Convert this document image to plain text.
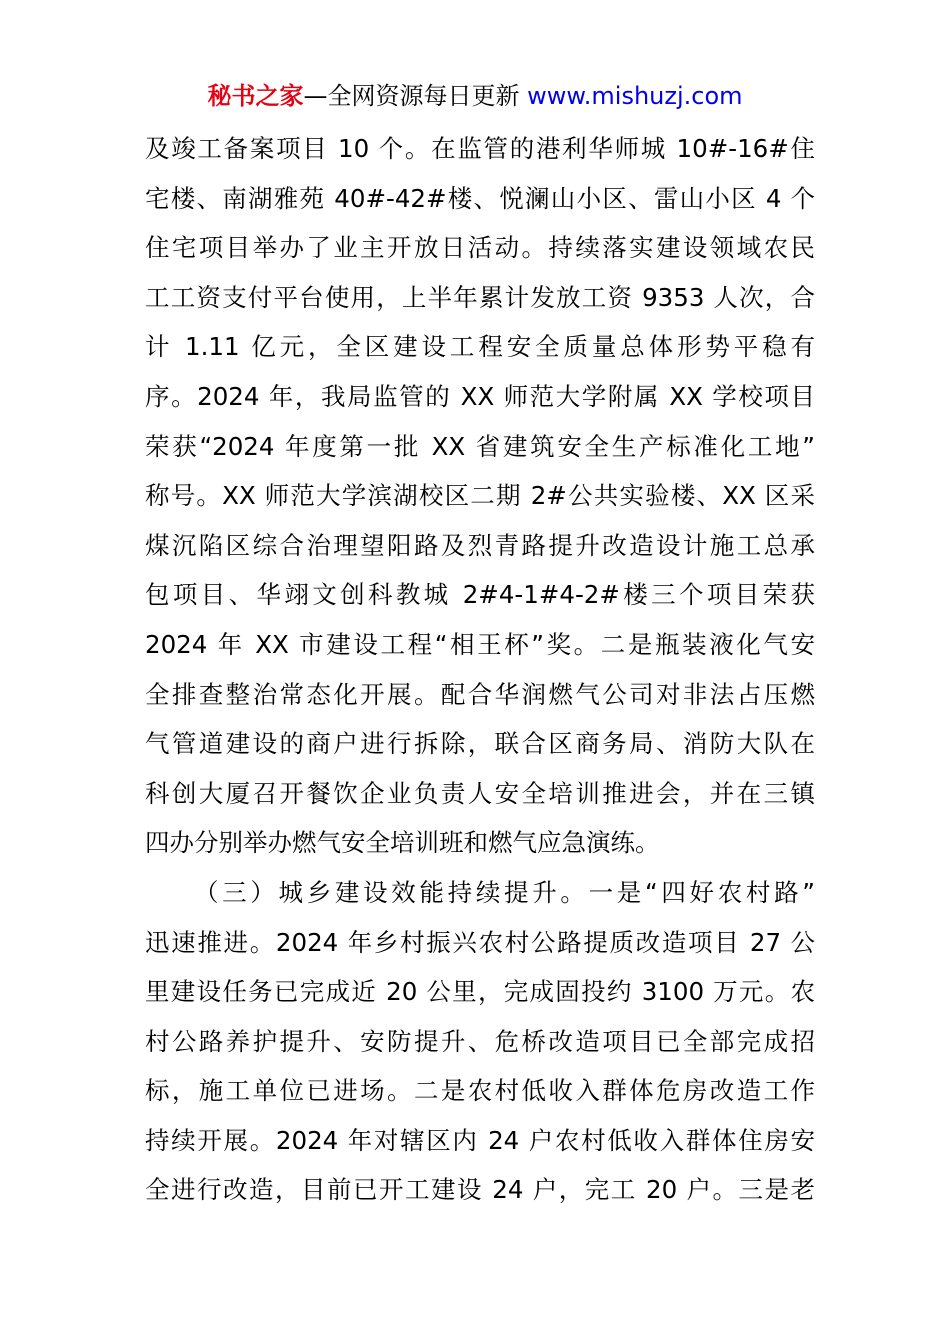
秘书之家—全网资源每日更新 www.mishuzj.com
及竣工备案项目 10 个。在监管的港利华师城 10#-16#住
宅楼、南湖雅苑 40#-42#楼、悦澜山小区、雷山小区 4 个
住宅项目举办了业主开放日活动。持续落实建设领域农民
工工资支付平台使用，上半年累计发放工资 9353 人次，合
计 1.11 亿元，全区建设工程安全质量总体形势平稳有
序。2024 年，我局监管的 XX 师范大学附属 XX 学校项目
荣获“2024 年度第一批 XX 省建筑安全生产标准化工地”
称号。XX 师范大学滨湖校区二期 2#公共实验楼、XX 区采
煤沉陷区综合治理望阳路及烈青路提升改造设计施工总承
包项目、华翊文创科教城 2#4-1#4-2#楼三个项目荣获
2024 年 XX 市建设工程“相王杯”奖。二是瓶装液化气安
全排查整治常态化开展。配合华润燃气公司对非法占压燃
气管道建设的商户进行拆除，联合区商务局、消防大队在
科创大厦召开餐饮企业负责人安全培训推进会，并在三镇
四办分别举办燃气安全培训班和燃气应急演练。
（三）城乡建设效能持续提升。一是“四好农村路”
迅速推进。2024 年乡村振兴农村公路提质改造项目 27 公
里建设任务已完成近 20 公里，完成固投约 3100 万元。农
村公路养护提升、安防提升、危桥改造项目已全部完成招
标，施工单位已进场。二是农村低收入群体危房改造工作
持续开展。2024 年对辖区内 24 户农村低收入群体住房安
全进行改造，目前已开工建设 24 户，完工 20 户。三是老
